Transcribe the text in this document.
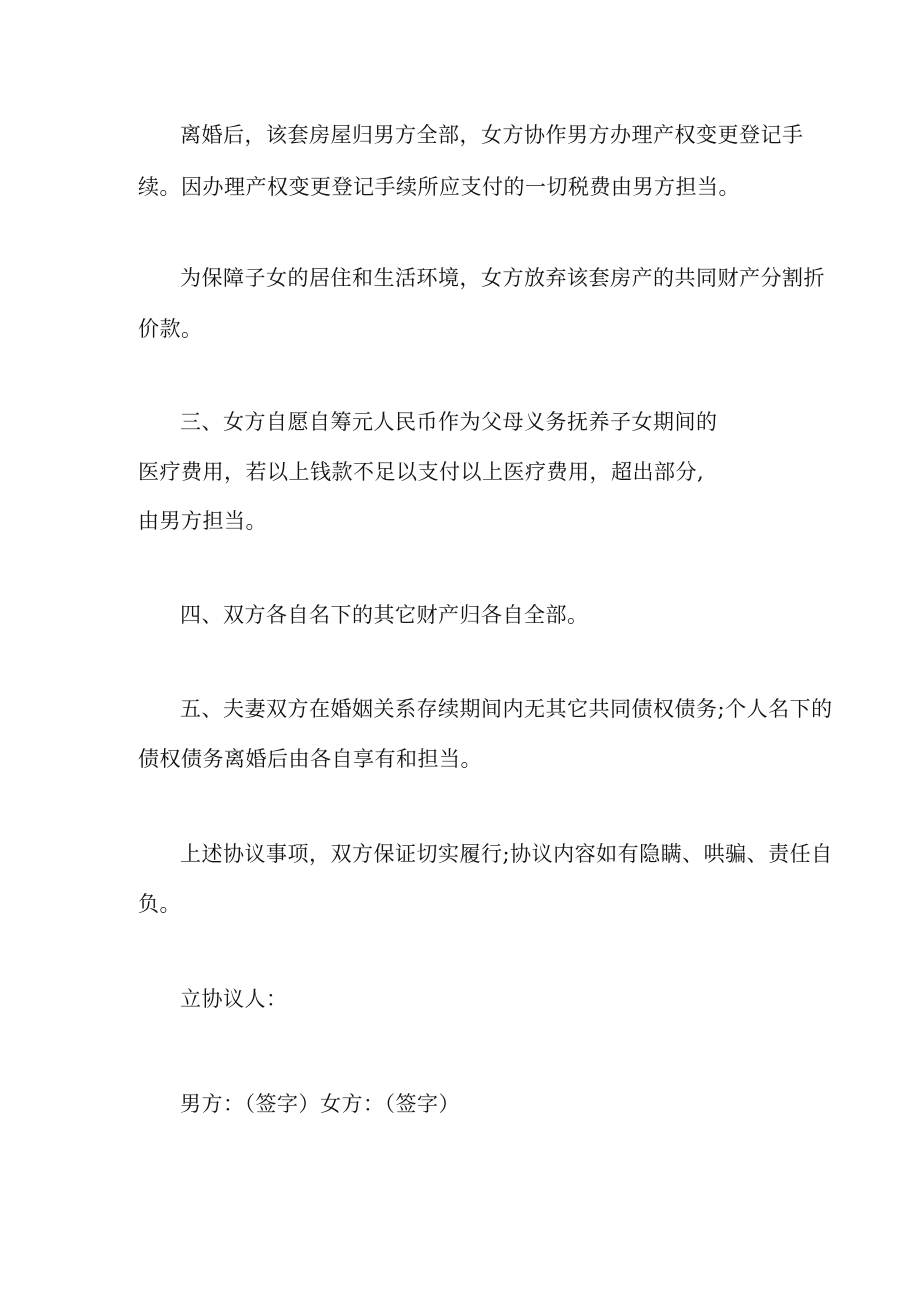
离婚后，该套房屋归男方全部，女方协作男方办理产权变更登记手
续。因办理产权变更登记手续所应支付的一切税费由男方担当。
为保障子女的居住和生活环境，女方放弃该套房产的共同财产分割折
价款。
三、女方自愿自筹元人民币作为父母义务抚养子女期间的
医疗费用，若以上钱款不足以支付以上医疗费用，超出部分,
由男方担当。
四、双方各自名下的其它财产归各自全部。
五、夫妻双方在婚姻关系存续期间内无其它共同债权债务;个人名下的
债权债务离婚后由各自享有和担当。
上述协议事项，双方保证切实履行;协议内容如有隐瞒、哄骗、责任自
负。
立协议人：
男方：（签字）女方：（签字）
